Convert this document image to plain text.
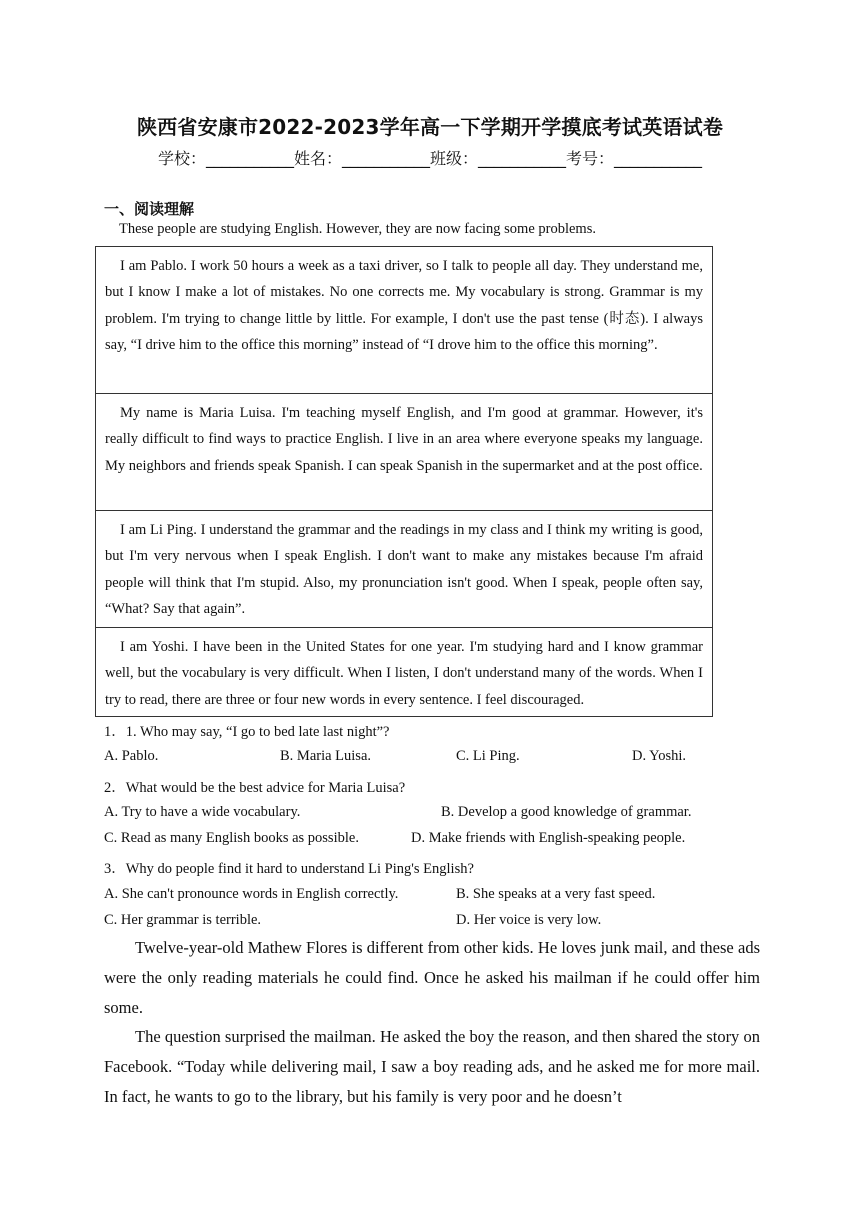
陕西省安康市2022-2023学年高一下学期开学摸底考试英语试卷
学校：___________姓名：___________班级：___________考号：___________
一、阅读理解
These people are studying English. However, they are now facing some problems.

I am Pablo. I work 50 hours a week as a taxi driver, so I talk to people all day. They understand me, but I know I make a lot of mistakes. No one corrects me. My vocabulary is strong. Grammar is my problem. I'm trying to change little by little. For example, I don't use the past tense (时态). I always say, “I drive him to the office this morning” instead of “I drove him to the office this morning”.

My name is Maria Luisa. I'm teaching myself English, and I'm good at grammar. However, it's really difficult to find ways to practice English. I live in an area where everyone speaks my language. My neighbors and friends speak Spanish. I can speak Spanish in the supermarket and at the post office.

I am Li Ping. I understand the grammar and the readings in my class and I think my writing is good, but I'm very nervous when I speak English. I don't want to make any mistakes because I'm afraid people will think that I'm stupid. Also, my pronunciation isn't good. When I speak, people often say, “What? Say that again”.

I am Yoshi. I have been in the United States for one year. I'm studying hard and I know grammar well, but the vocabulary is very difficult. When I listen, I don't understand many of the words. When I try to read, there are three or four new words in every sentence. I feel discouraged.

1．1. Who may say, “I go to bed late last night”?
A. Pablo.	B. Maria Luisa.	C. Li Ping.	D. Yoshi.
2．What would be the best advice for Maria Luisa?
A. Try to have a wide vocabulary.	B. Develop a good knowledge of grammar.
C. Read as many English books as possible.	D. Make friends with English-speaking people.
3．Why do people find it hard to understand Li Ping's English?
A. She can't pronounce words in English correctly.	B. She speaks at a very fast speed.
C. Her grammar is terrible.	D. Her voice is very low.

Twelve-year-old Mathew Flores is different from other kids. He loves junk mail, and these ads were the only reading materials he could find. Once he asked his mailman if he could offer him some.

The question surprised the mailman. He asked the boy the reason, and then shared the story on Facebook. “Today while delivering mail, I saw a boy reading ads, and he asked me for more mail. In fact, he wants to go to the library, but his family is very poor and he doesn’t
